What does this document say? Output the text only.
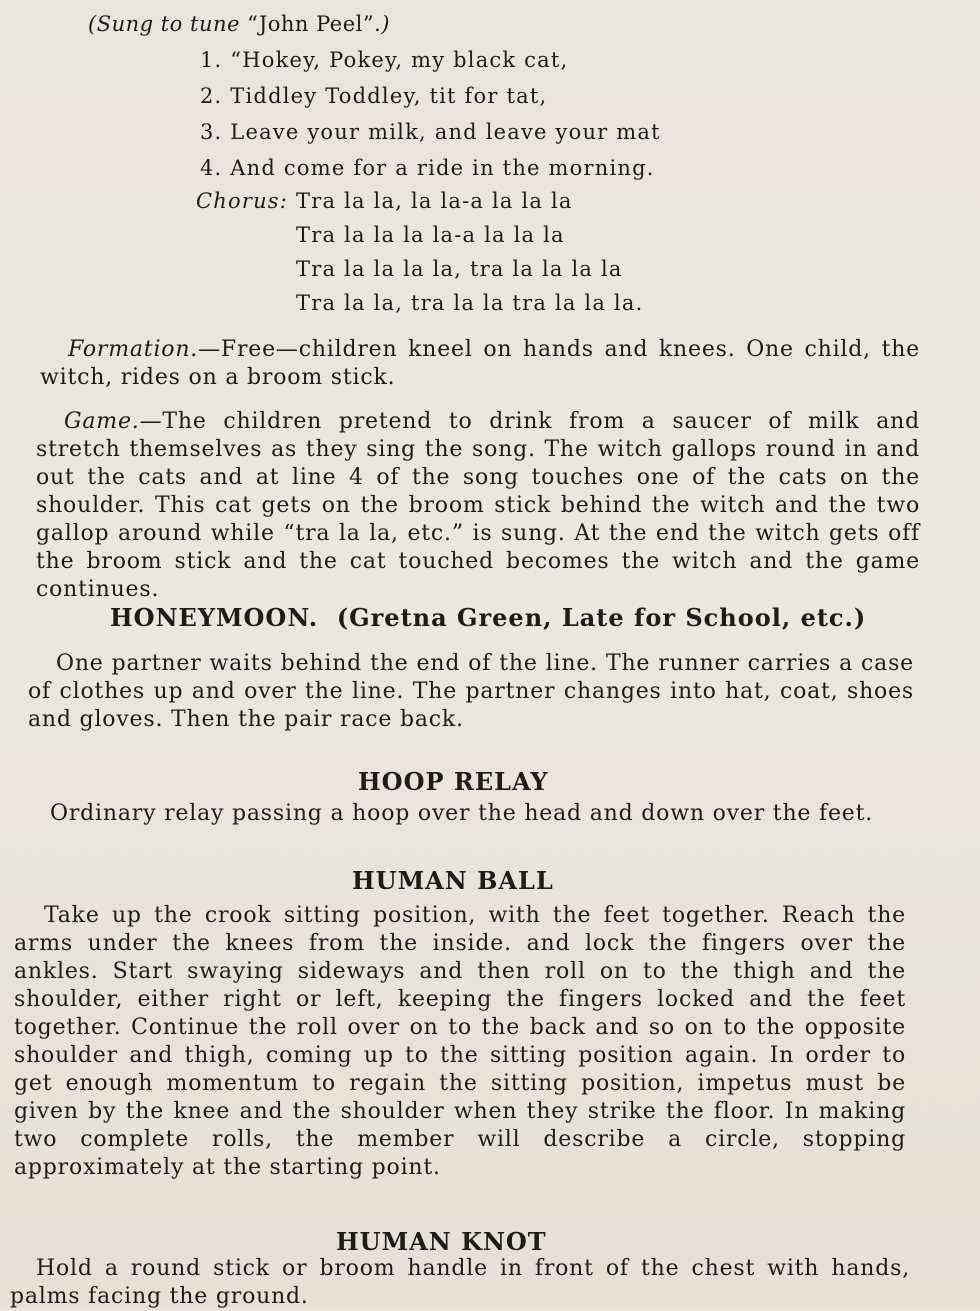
(Sung to tune “John Peel”.)
1. “Hokey, Pokey, my black cat,
2. Tiddley Toddley, tit for tat,
3. Leave your milk, and leave your mat
4. And come for a ride in the morning.
Chorus: Tra la la, la la-a la la la
Tra la la la la-a la la la
Tra la la la la, tra la la la la
Tra la la, tra la la tra la la la.
Formation.—Free—children kneel on hands and knees. One child, the witch, rides on a broom stick.
Game.—The children pretend to drink from a saucer of milk and stretch themselves as they sing the song. The witch gallops round in and out the cats and at line 4 of the song touches one of the cats on the shoulder. This cat gets on the broom stick behind the witch and the two gallop around while “tra la la, etc.” is sung. At the end the witch gets off the broom stick and the cat touched becomes the witch and the game continues.
HONEYMOON. (Gretna Green, Late for School, etc.)
One partner waits behind the end of the line. The runner carries a case of clothes up and over the line. The partner changes into hat, coat, shoes and gloves. Then the pair race back.
HOOP RELAY
Ordinary relay passing a hoop over the head and down over the feet.
HUMAN BALL
Take up the crook sitting position, with the feet together. Reach the arms under the knees from the inside. and lock the fingers over the ankles. Start swaying sideways and then roll on to the thigh and the shoulder, either right or left, keeping the fingers locked and the feet together. Continue the roll over on to the back and so on to the opposite shoulder and thigh, coming up to the sitting position again. In order to get enough momentum to regain the sitting position, impetus must be given by the knee and the shoulder when they strike the floor. In making two complete rolls, the member will describe a circle, stopping approximately at the starting point.
HUMAN KNOT
Hold a round stick or broom handle in front of the chest with hands, palms facing the ground.
